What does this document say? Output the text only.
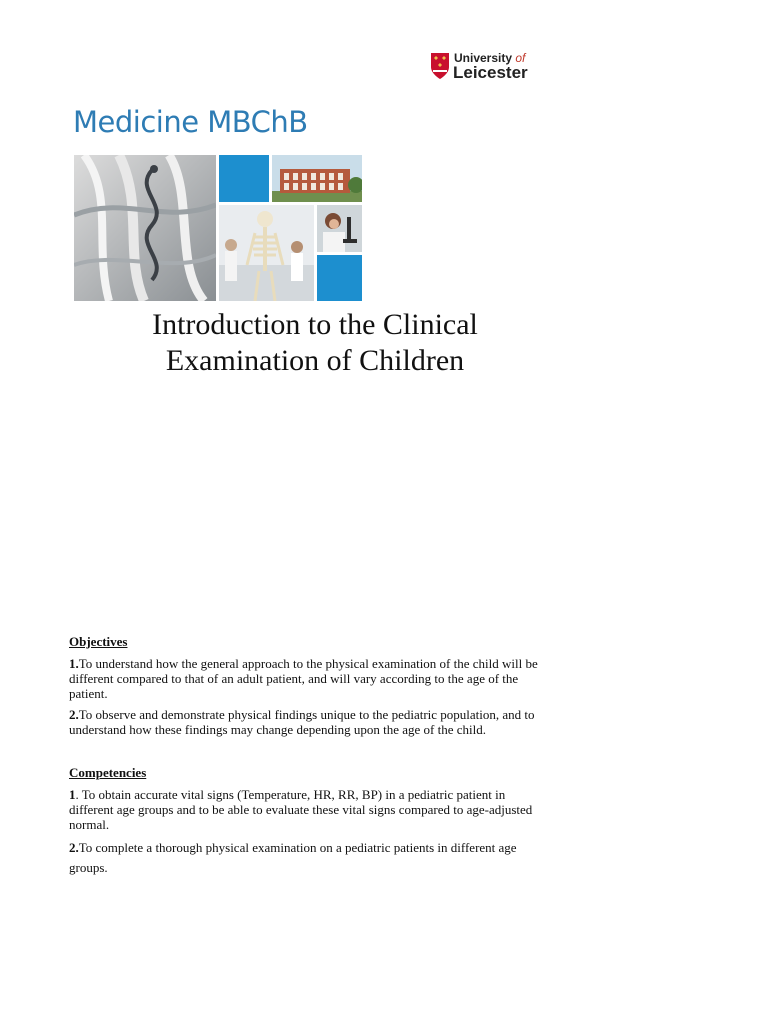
University of
Leicester
Medicine MBChB
Introduction to the Clinical
Examination of Children
Objectives

1.To understand how the general approach to the physical examination of the child will be different compared to that of an adult patient, and will vary according to the age of the patient.

2.To observe and demonstrate physical findings unique to the pediatric population, and to understand how these findings may change depending upon the age of the child.

Competencies

1. To obtain accurate vital signs (Temperature, HR, RR, BP) in a pediatric patient in different age groups and to be able to evaluate these vital signs compared to age-adjusted normal.

2.To complete a thorough physical examination on a pediatric patients in different age groups.
